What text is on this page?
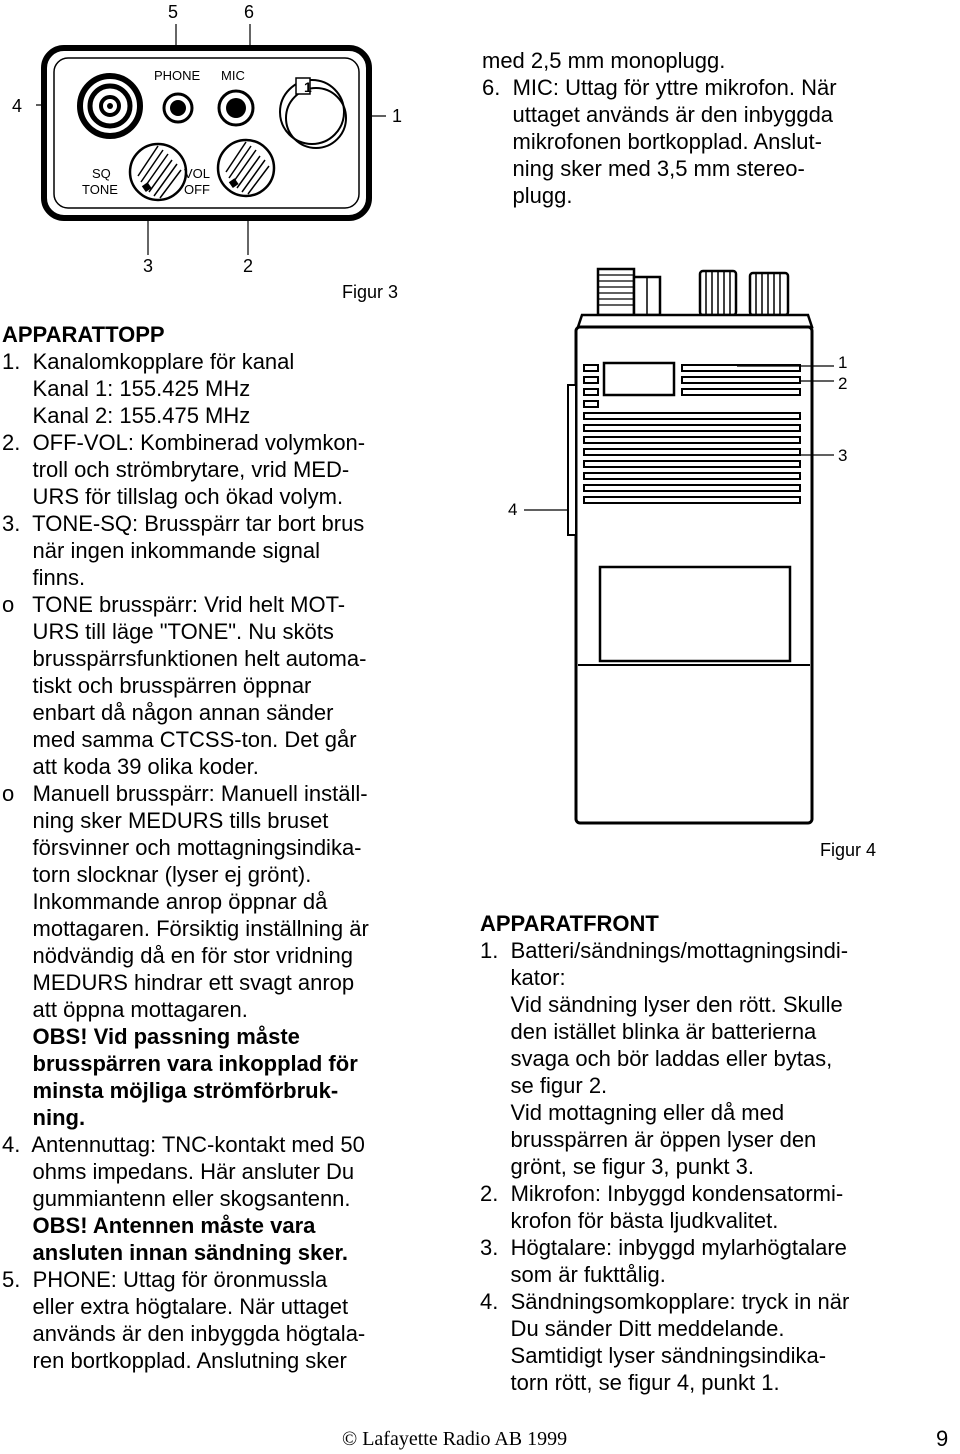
5	6
4	1
3	2
PHONE MIC
1
SQ
TONE
VOL
OFF
Figur 3
med 2,5 mm monoplugg.
6.  MIC: Uttag för yttre mikrofon. När
uttaget används är den inbyggda
mikrofonen bortkopplad. Anslut-
ning sker med 3,5 mm stereo-
plugg.
APPARATTOPP
1.  Kanalomkopplare för kanal
Kanal 1: 155.425 MHz
Kanal 2: 155.475 MHz
2.  OFF-VOL: Kombinerad volymkon-
troll och strömbrytare, vrid MED-
URS för tillslag och ökad volym.
3.  TONE-SQ: Brusspärr tar bort brus
när ingen inkommande signal
finns.
o   TONE brusspärr: Vrid helt MOT-
URS till läge "TONE". Nu sköts
brusspärrsfunktionen helt automa-
tiskt och brusspärren öppnar
enbart då någon annan sänder
med samma CTCSS-ton. Det går
att koda 39 olika koder.
o   Manuell brusspärr: Manuell inställ-
ning sker MEDURS tills bruset
försvinner och mottagningsindika-
torn slocknar (lyser ej grönt).
Inkommande anrop öppnar då
mottagaren. Försiktig inställning är
nödvändig då en för stor vridning
MEDURS hindrar ett svagt anrop
att öppna mottagaren.
OBS! Vid passning måste
brusspärren vara inkopplad för
minsta möjliga strömförbruk-
ning.
4.  Antennuttag: TNC-kontakt med 50
ohms impedans. Här ansluter Du
gummiantenn eller skogsantenn.
OBS! Antennen måste vara
ansluten innan sändning sker.
5.  PHONE: Uttag för öronmussla
eller extra högtalare. När uttaget
används är den inbyggda högtala-
ren bortkopplad. Anslutning sker
1
2
3
4
Figur 4
APPARATFRONT
1.  Batteri/sändnings/mottagningsindi-
kator:
Vid sändning lyser den rött. Skulle
den istället blinka är batterierna
svaga och bör laddas eller bytas,
se figur 2.
Vid mottagning eller då med
brusspärren är öppen lyser den
grönt, se figur 3, punkt 3.
2.  Mikrofon: Inbyggd kondensatormi-
krofon för bästa ljudkvalitet.
3.  Högtalare: inbyggd mylarhögtalare
som är fukttålig.
4.  Sändningsomkopplare: tryck in när
Du sänder Ditt meddelande.
Samtidigt lyser sändningsindika-
torn rött, se figur 4, punkt 1.
© Lafayette Radio AB 1999	9
